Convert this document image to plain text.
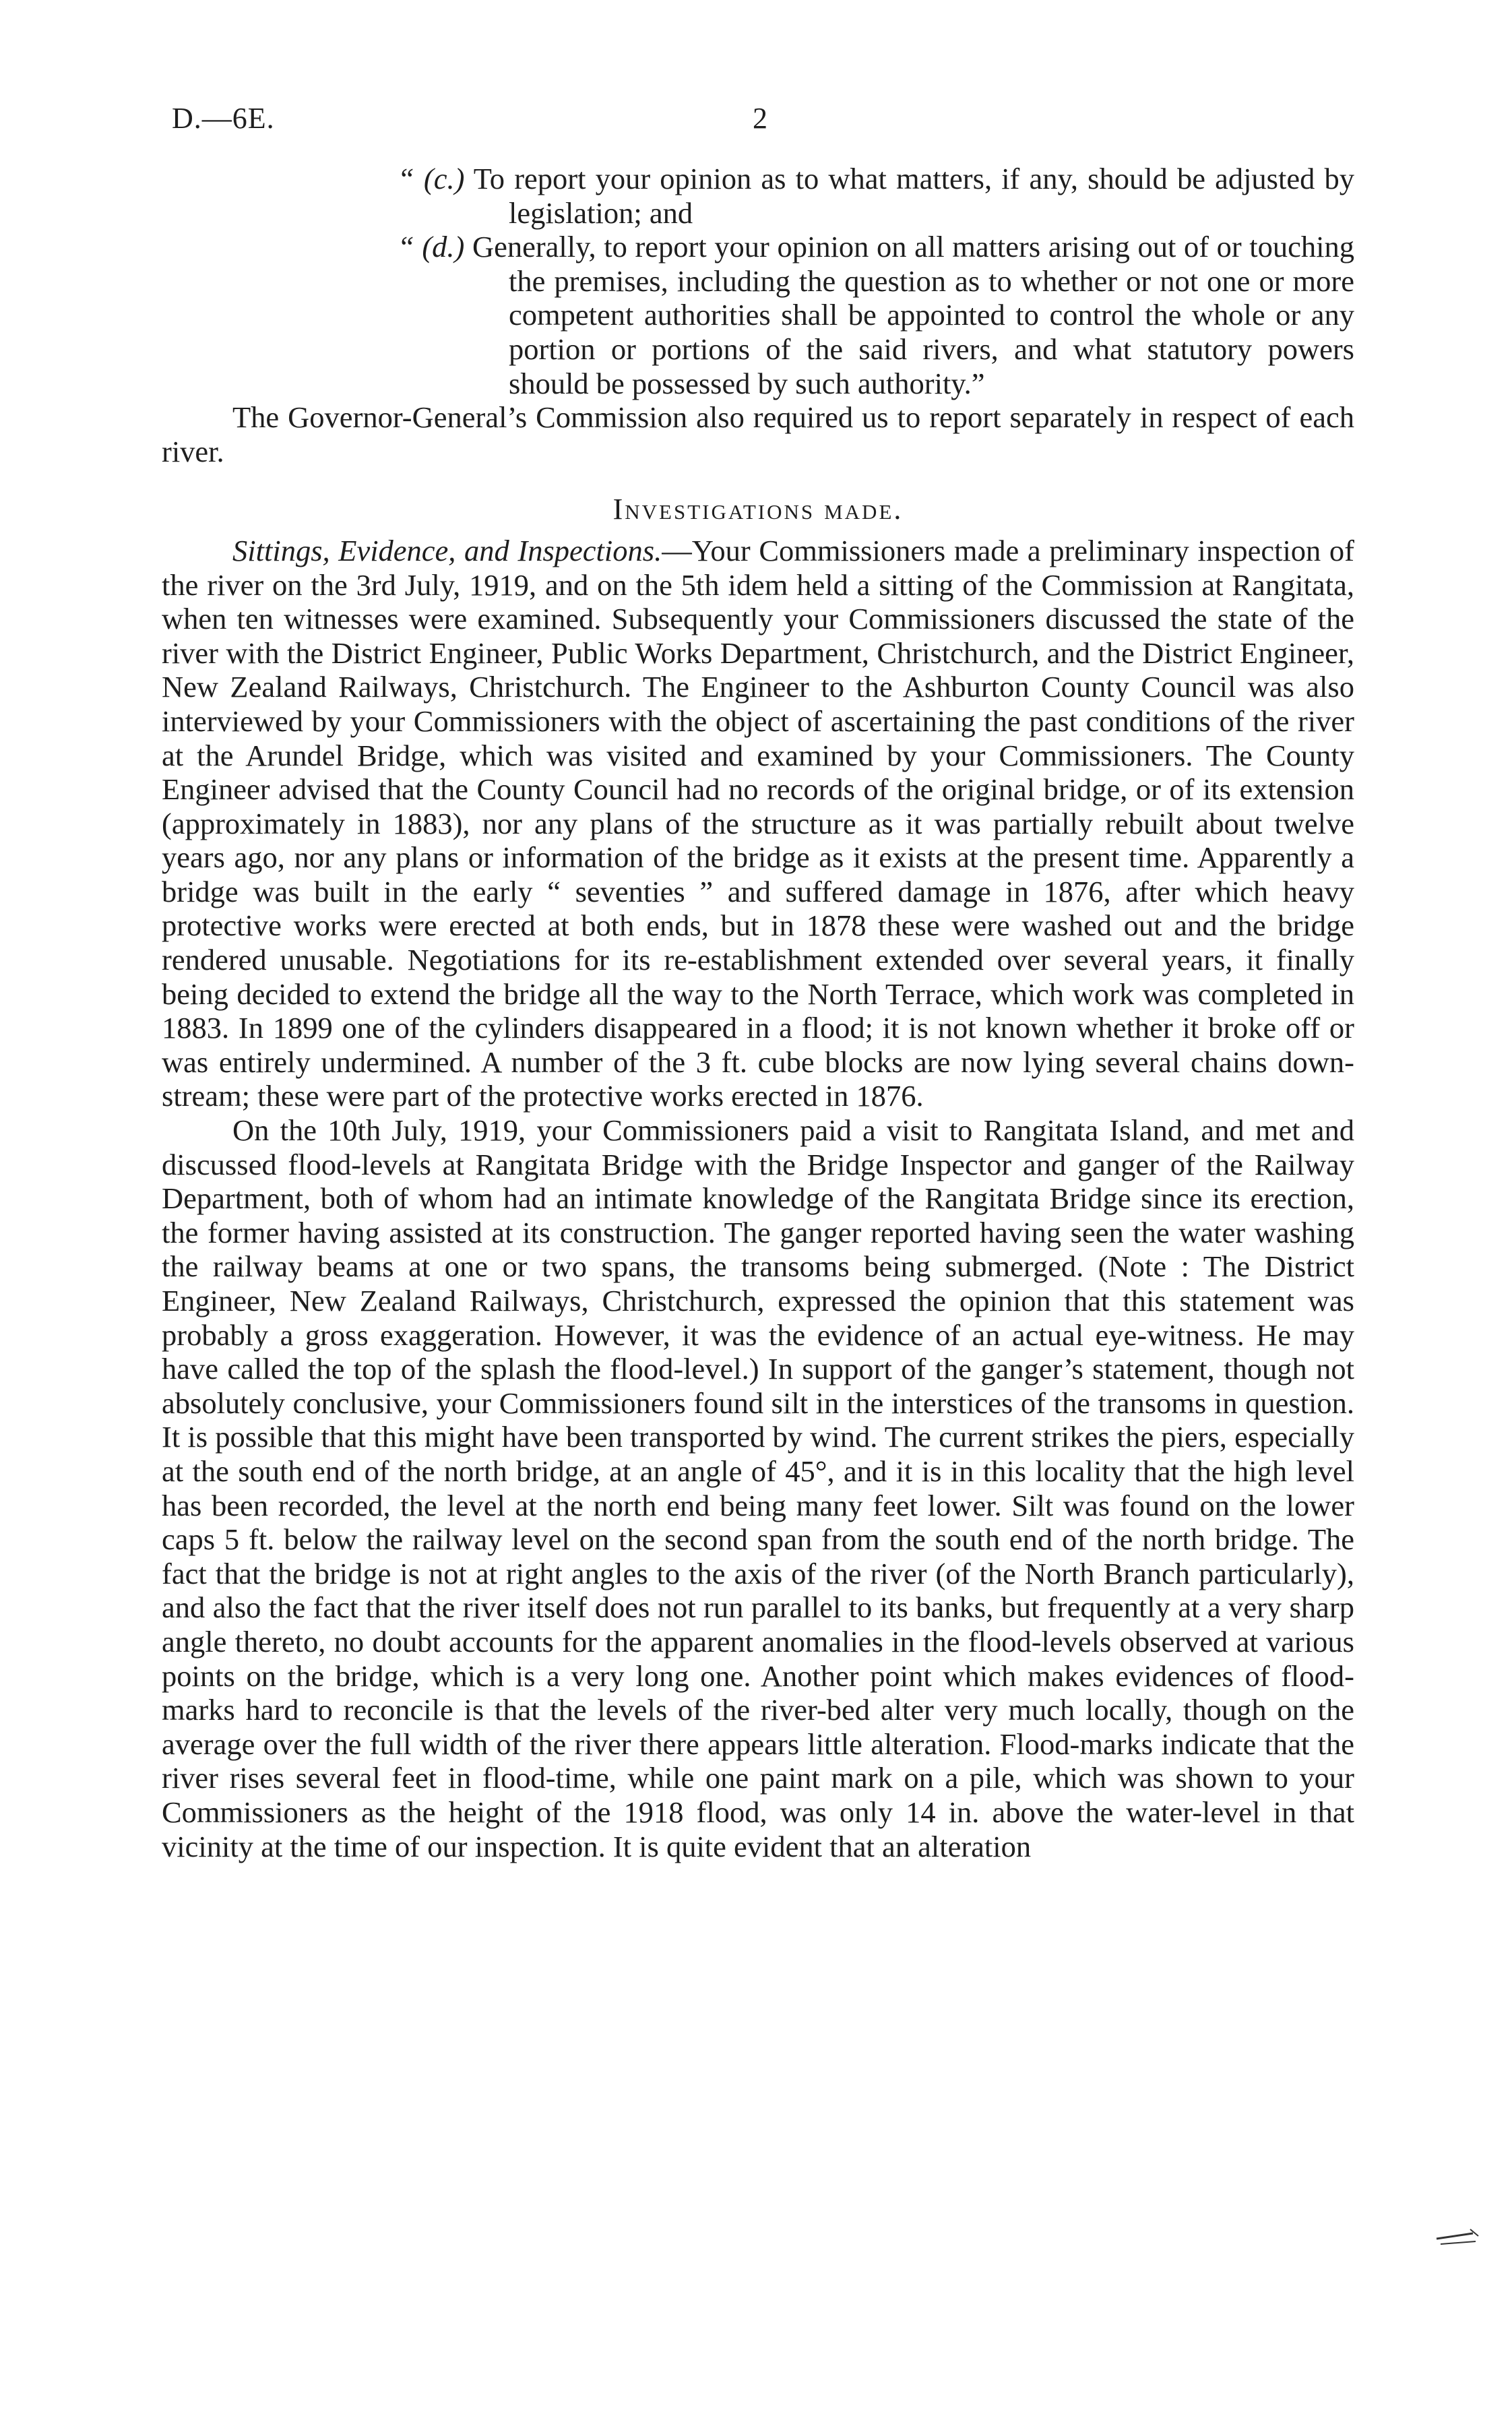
D.—6E.	2

“ (c.) To report your opinion as to what matters, if any, should be adjusted by legislation; and

“ (d.) Generally, to report your opinion on all matters arising out of or touching the premises, including the question as to whether or not one or more competent authorities shall be appointed to control the whole or any portion or portions of the said rivers, and what statutory powers should be possessed by such authority.”

The Governor-General’s Commission also required us to report separately in respect of each river.

Investigations made.

Sittings, Evidence, and Inspections.—Your Commissioners made a preliminary inspection of the river on the 3rd July, 1919, and on the 5th idem held a sitting of the Commission at Rangitata, when ten witnesses were examined. Subsequently your Commissioners discussed the state of the river with the District Engineer, Public Works Department, Christchurch, and the District Engineer, New Zealand Railways, Christchurch. The Engineer to the Ashburton County Council was also interviewed by your Commissioners with the object of ascertaining the past conditions of the river at the Arundel Bridge, which was visited and examined by your Commissioners. The County Engineer advised that the County Council had no records of the original bridge, or of its extension (approximately in 1883), nor any plans of the structure as it was partially rebuilt about twelve years ago, nor any plans or information of the bridge as it exists at the present time. Apparently a bridge was built in the early “ seventies ” and suffered damage in 1876, after which heavy protective works were erected at both ends, but in 1878 these were washed out and the bridge rendered unusable. Negotiations for its re-establishment extended over several years, it finally being decided to extend the bridge all the way to the North Terrace, which work was completed in 1883. In 1899 one of the cylinders disappeared in a flood; it is not known whether it broke off or was entirely undermined. A number of the 3 ft. cube blocks are now lying several chains down-stream; these were part of the protective works erected in 1876.

On the 10th July, 1919, your Commissioners paid a visit to Rangitata Island, and met and discussed flood-levels at Rangitata Bridge with the Bridge Inspector and ganger of the Railway Department, both of whom had an intimate knowledge of the Rangitata Bridge since its erection, the former having assisted at its construction. The ganger reported having seen the water washing the railway beams at one or two spans, the transoms being submerged. (Note : The District Engineer, New Zealand Railways, Christchurch, expressed the opinion that this statement was probably a gross exaggeration. However, it was the evidence of an actual eye-witness. He may have called the top of the splash the flood-level.) In support of the ganger’s statement, though not absolutely conclusive, your Commissioners found silt in the interstices of the transoms in question. It is possible that this might have been transported by wind. The current strikes the piers, especially at the south end of the north bridge, at an angle of 45°, and it is in this locality that the high level has been recorded, the level at the north end being many feet lower. Silt was found on the lower caps 5 ft. below the railway level on the second span from the south end of the north bridge. The fact that the bridge is not at right angles to the axis of the river (of the North Branch particularly), and also the fact that the river itself does not run parallel to its banks, but frequently at a very sharp angle thereto, no doubt accounts for the apparent anomalies in the flood-levels observed at various points on the bridge, which is a very long one. Another point which makes evidences of flood-marks hard to reconcile is that the levels of the river-bed alter very much locally, though on the average over the full width of the river there appears little alteration. Flood-marks indicate that the river rises several feet in flood-time, while one paint mark on a pile, which was shown to your Commissioners as the height of the 1918 flood, was only 14 in. above the water-level in that vicinity at the time of our inspection. It is quite evident that an alteration
